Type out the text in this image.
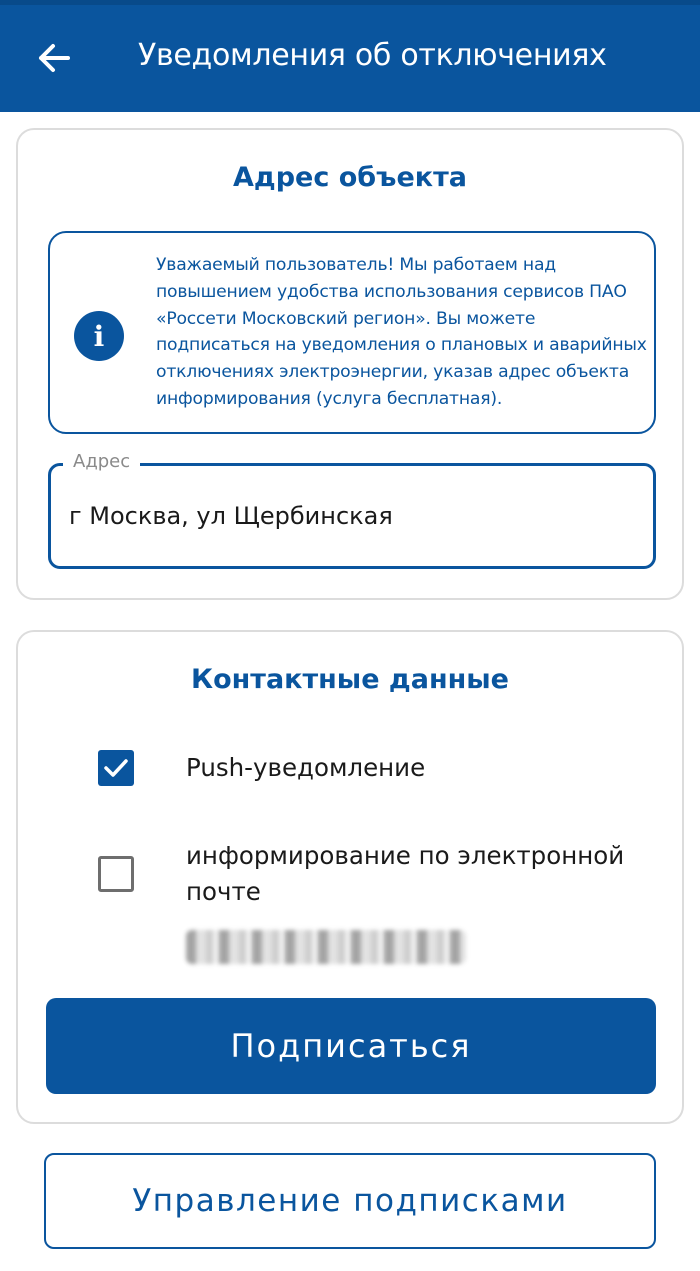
Уведомления об отключениях
Адрес объекта
i
Уважаемый пользователь! Мы работаем над повышением удобства использования сервисов ПАО «Россети Московский регион». Вы можете подписаться на уведомления о плановых и аварийных отключениях электроэнергии, указав адрес объекта информирования (услуга бесплатная).
Адрес
г Москва, ул Щербинская
Контактные данные
Push-уведомление
информирование по электронной почте
Подписаться
Управление подписками
